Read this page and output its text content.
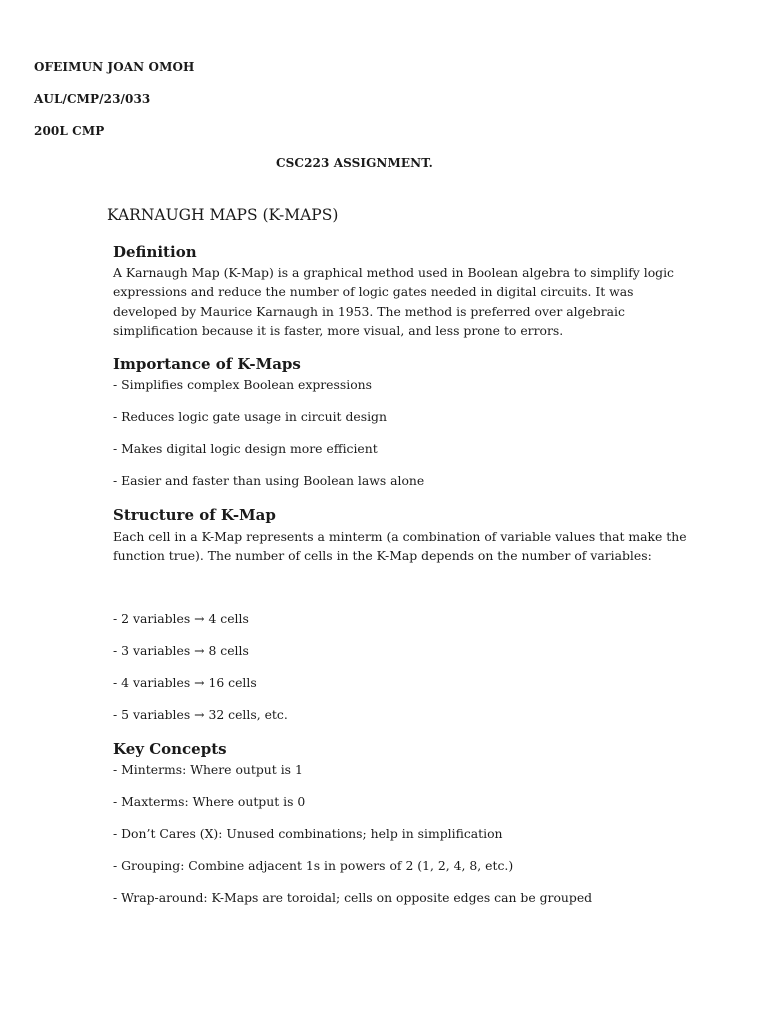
OFEIMUN JOAN OMOH
AUL/CMP/23/033
200L CMP
CSC223 ASSIGNMENT.
KARNAUGH MAPS (K-MAPS)
Definition
A Karnaugh Map (K-Map) is a graphical method used in Boolean algebra to simplify logic
expressions and reduce the number of logic gates needed in digital circuits. It was
developed by Maurice Karnaugh in 1953. The method is preferred over algebraic
simplification because it is faster, more visual, and less prone to errors.
Importance of K-Maps
- Simplifies complex Boolean expressions
- Reduces logic gate usage in circuit design
- Makes digital logic design more efficient
- Easier and faster than using Boolean laws alone
Structure of K-Map
Each cell in a K-Map represents a minterm (a combination of variable values that make the
function true). The number of cells in the K-Map depends on the number of variables:
- 2 variables → 4 cells
- 3 variables → 8 cells
- 4 variables → 16 cells
- 5 variables → 32 cells, etc.
Key Concepts
- Minterms: Where output is 1
- Maxterms: Where output is 0
- Don’t Cares (X): Unused combinations; help in simplification
- Grouping: Combine adjacent 1s in powers of 2 (1, 2, 4, 8, etc.)
- Wrap-around: K-Maps are toroidal; cells on opposite edges can be grouped
